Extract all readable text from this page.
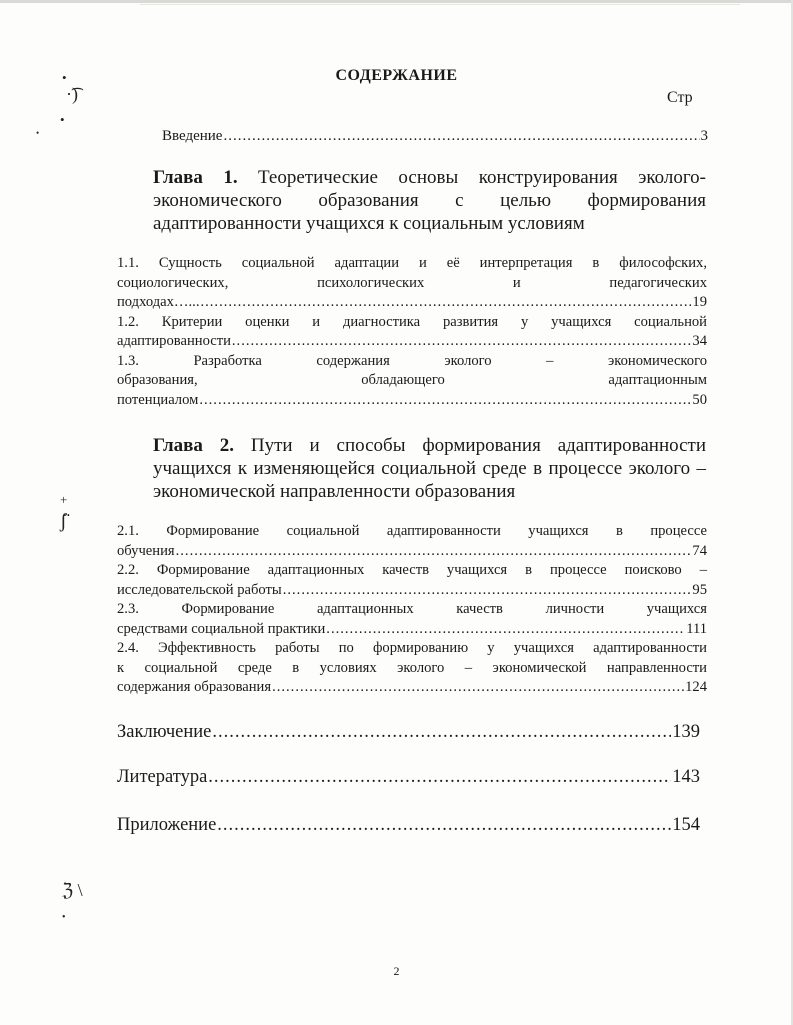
•
·͡)
•
•
+
ʃ̈
ℨ \
•
СОДЕРЖАНИЕ
Стр
Введение .....	3
Глава 1. Теоретические основы конструирования эколого-экономического образования с целью формирования адаптированности учащихся к социальным условиям
1.1. Сущность социальной адаптации и её интерпретация в философских,
социологических, психологических и педагогических
подходах…... .....	19
1.2. Критерии оценки и диагностика развития у учащихся социальной
адаптированности .....	34
1.3. Разработка содержания эколого – экономического
образования, обладающего адаптационным
потенциалом .....	50
Глава 2. Пути и способы формирования адаптированности учащихся к изменяющейся социальной среде в процессе эколого – экономической направленности образования
2.1. Формирование социальной адаптированности учащихся в процессе
обучения .....	74
2.2. Формирование адаптационных качеств учащихся в процессе поисково –
исследовательской работы .....	95
2.3. Формирование адаптационных качеств личности учащихся
средствами социальной практики .....	111
2.4. Эффективность работы по формированию у учащихся адаптированности
к социальной среде в условиях эколого – экономической направленности
содержания образования .....	124
Заключение .....	139
Литература .....	143
Приложение .....	154
2
